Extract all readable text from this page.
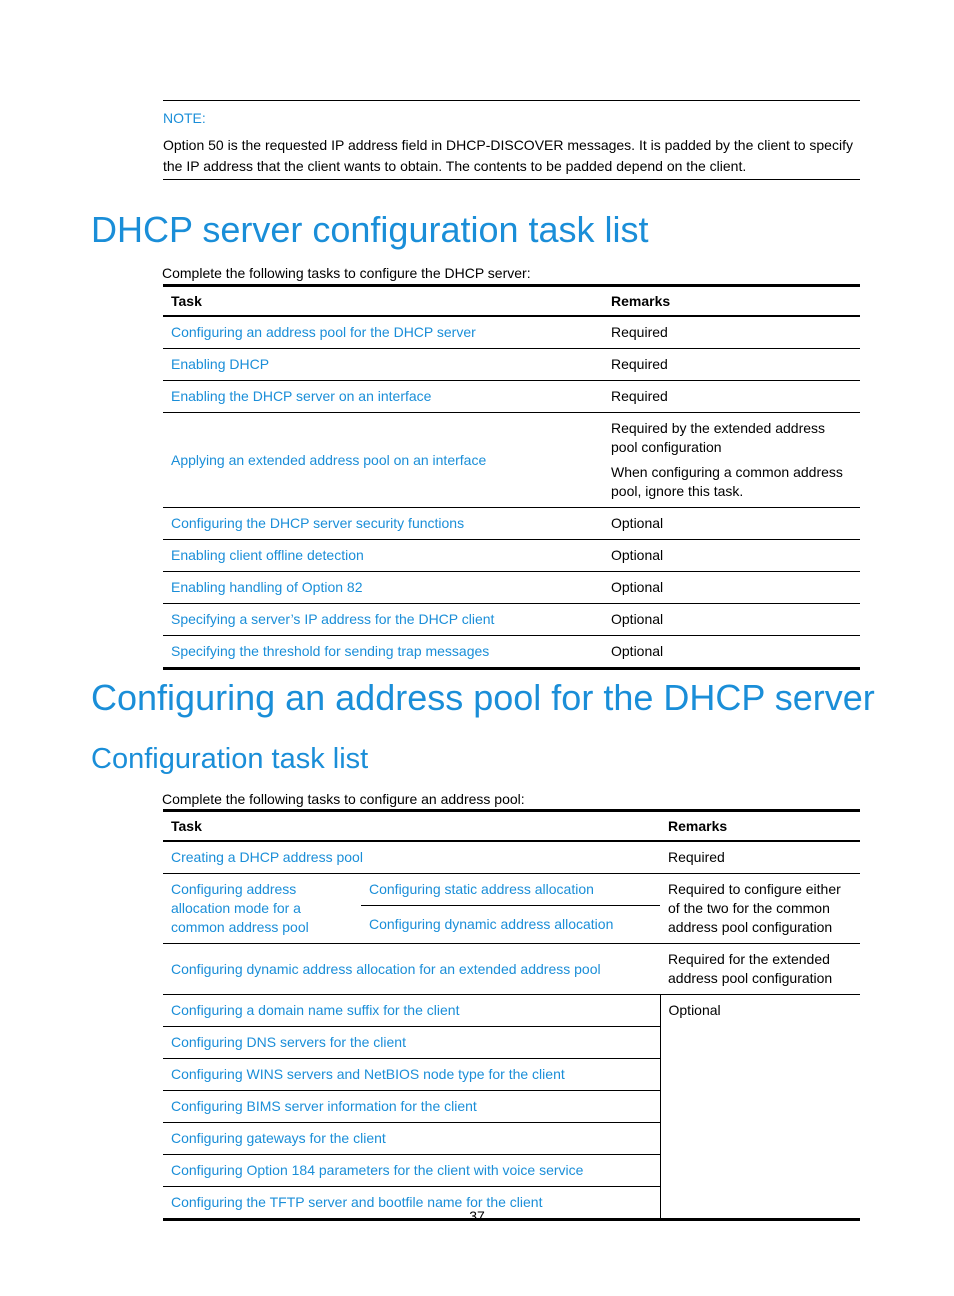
NOTE:
Option 50 is the requested IP address field in DHCP-DISCOVER messages. It is padded by the client to specify the IP address that the client wants to obtain. The contents to be padded depend on the client.
DHCP server configuration task list
Complete the following tasks to configure the DHCP server:
Task	Remarks
Configuring an address pool for the DHCP server	Required
Enabling DHCP	Required
Enabling the DHCP server on an interface	Required
Applying an extended address pool on an interface	Required by the extended address pool configuration
When configuring a common address pool, ignore this task.

Configuring the DHCP server security functions	Optional
Enabling client offline detection	Optional
Enabling handling of Option 82	Optional
Specifying a server’s IP address for the DHCP client	Optional
Specifying the threshold for sending trap messages	Optional
Configuring an address pool for the DHCP server
Configuration task list
Complete the following tasks to configure an address pool:
Task		Remarks
Creating a DHCP address pool		Required
Configuring address allocation mode for a common address pool	Configuring static address allocation	Required to configure either of the two for the common address pool configuration
	Configuring dynamic address allocation	
Configuring dynamic address allocation for an extended address pool		Required for the extended address pool configuration
Configuring a domain name suffix for the client		Optional
Configuring DNS servers for the client		
Configuring WINS servers and NetBIOS node type for the client		
Configuring BIMS server information for the client		
Configuring gateways for the client		
Configuring Option 184 parameters for the client with voice service		
Configuring the TFTP server and bootfile name for the client		
37
